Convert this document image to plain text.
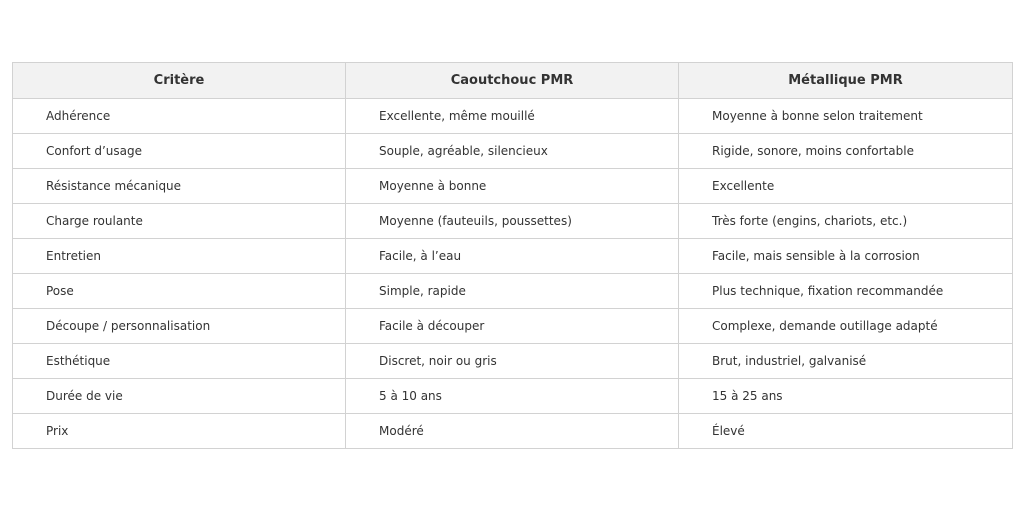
Critère	Caoutchouc PMR	Métallique PMR
Adhérence	Excellente, même mouillé	Moyenne à bonne selon traitement
Confort d’usage	Souple, agréable, silencieux	Rigide, sonore, moins confortable
Résistance mécanique	Moyenne à bonne	Excellente
Charge roulante	Moyenne (fauteuils, poussettes)	Très forte (engins, chariots, etc.)
Entretien	Facile, à l’eau	Facile, mais sensible à la corrosion
Pose	Simple, rapide	Plus technique, fixation recommandée
Découpe / personnalisation	Facile à découper	Complexe, demande outillage adapté
Esthétique	Discret, noir ou gris	Brut, industriel, galvanisé
Durée de vie	5 à 10 ans	15 à 25 ans
Prix	Modéré	Élevé
